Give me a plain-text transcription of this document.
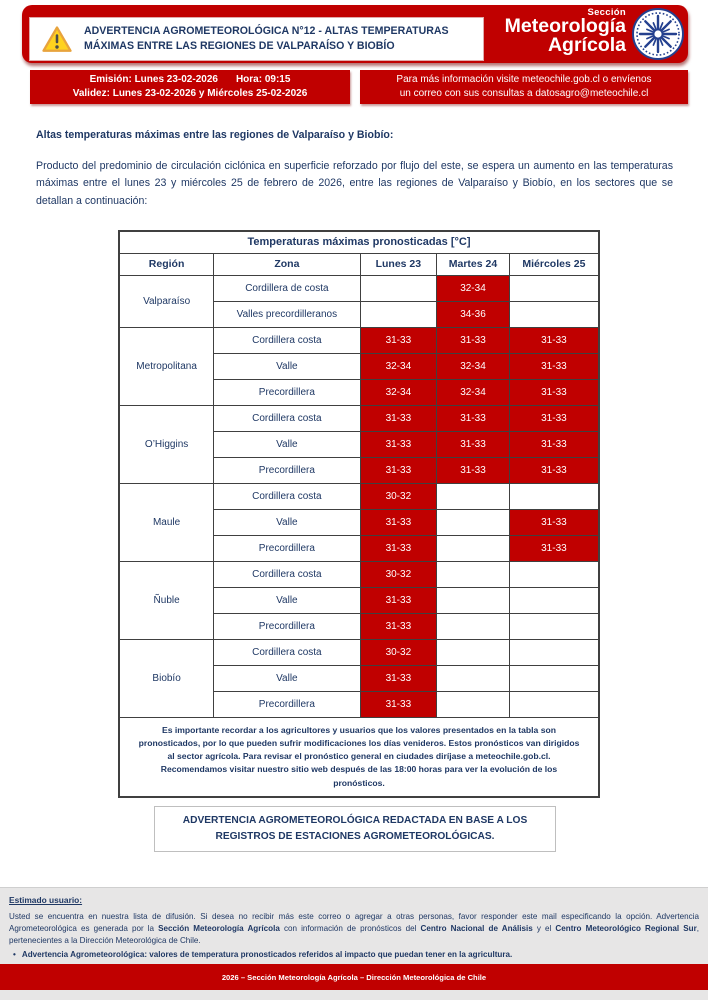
ADVERTENCIA AGROMETEOROLÓGICA N°12 - ALTAS TEMPERATURAS
MÁXIMAS ENTRE LAS REGIONES DE VALPARAÍSO Y BIOBÍO
Sección
Meteorología
Agrícola
Emisión: Lunes 23-02-2026 Hora: 09:15
Validez: Lunes 23-02-2026 y Miércoles 25-02-2026
Para más información visite meteochile.gob.cl o envíenos
un correo con sus consultas a datosagro@meteochile.cl
Altas temperaturas máximas entre las regiones de Valparaíso y Biobío:
Producto del predominio de circulación ciclónica en superficie reforzado por flujo del este, se espera un aumento en las temperaturas máximas entre el lunes 23 y miércoles 25 de febrero de 2026, entre las regiones de Valparaíso y Biobío, en los sectores que se detallan a continuación:
Temperaturas máximas pronosticadas [°C]				
Región	Zona	Lunes 23	Martes 24	Miércoles 25
Valparaíso	Cordillera de costa		32-34	
	Valles precordilleranos		34-36	
Metropolitana	Cordillera costa	31-33	31-33	31-33
	Valle	32-34	32-34	31-33
	Precordillera	32-34	32-34	31-33
O’Higgins	Cordillera costa	31-33	31-33	31-33
	Valle	31-33	31-33	31-33
	Precordillera	31-33	31-33	31-33
Maule	Cordillera costa	30-32		
	Valle	31-33		31-33
	Precordillera	31-33		31-33
Ñuble	Cordillera costa	30-32		
	Valle	31-33		
	Precordillera	31-33		
Biobío	Cordillera costa	30-32		
	Valle	31-33		
	Precordillera	31-33		
Es importante recordar a los agricultores y usuarios que los valores presentados en la tabla son pronosticados, por lo que pueden sufrir modificaciones los días venideros. Estos pronósticos van dirigidos al sector agrícola. Para revisar el pronóstico general en ciudades diríjase a meteochile.gob.cl. Recomendamos visitar nuestro sitio web después de las 18:00 horas para ver la evolución de los pronósticos.				
ADVERTENCIA AGROMETEOROLÓGICA REDACTADA EN BASE A LOS REGISTROS DE ESTACIONES AGROMETEOROLÓGICAS.
Estimado usuario:
Usted se encuentra en nuestra lista de difusión. Si desea no recibir más este correo o agregar a otras personas, favor responder este mail especificando la opción. Advertencia Agrometeorológica es generada por la Sección Meteorología Agrícola con información de pronósticos del Centro Nacional de Análisis y el Centro Meteorológico Regional Sur, pertenecientes a la Dirección Meteorológica de Chile.
• Advertencia Agrometeorológica: valores de temperatura pronosticados referidos al impacto que puedan tener en la agricultura.
2026 – Sección Meteorología Agrícola – Dirección Meteorológica de Chile
